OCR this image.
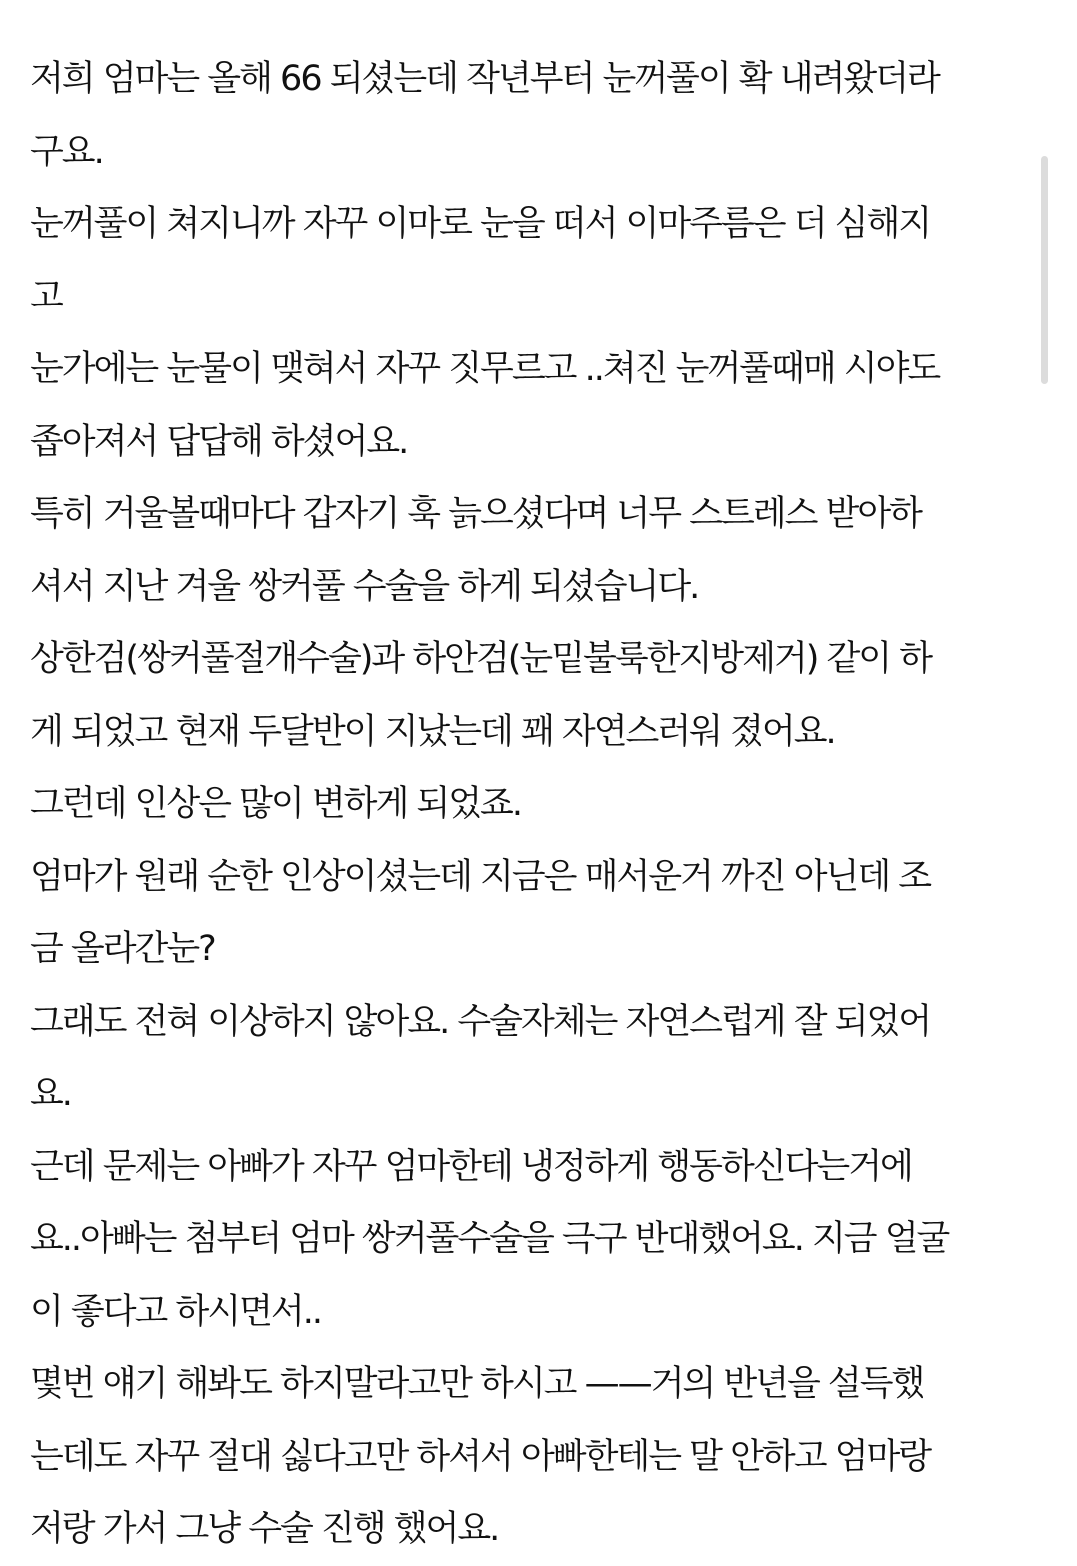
저희 엄마는 올해 66 되셨는데 작년부터 눈꺼풀이 확 내려왔더라
구요.
눈꺼풀이 쳐지니까 자꾸 이마로 눈을 떠서 이마주름은 더 심해지
고
눈가에는 눈물이 맺혀서 자꾸 짓무르고 ..쳐진 눈꺼풀때매 시야도
좁아져서 답답해 하셨어요.
특히 거울볼때마다 갑자기 훅 늙으셨다며 너무 스트레스 받아하
셔서 지난 겨울 쌍커풀 수술을 하게 되셨습니다.
상한검(쌍커풀절개수술)과 하안검(눈밑불룩한지방제거) 같이 하
게 되었고 현재 두달반이 지났는데 꽤 자연스러워 졌어요.
그런데 인상은 많이 변하게 되었죠.
엄마가 원래 순한 인상이셨는데 지금은 매서운거 까진 아닌데 조
금 올라간눈?
그래도 전혀 이상하지 않아요. 수술자체는 자연스럽게 잘 되었어
요.
근데 문제는 아빠가 자꾸 엄마한테 냉정하게 행동하신다는거에
요..아빠는 첨부터 엄마 쌍커풀수술을 극구 반대했어요. 지금 얼굴
이 좋다고 하시면서..
몇번 얘기 해봐도 하지말라고만 하시고 ——거의 반년을 설득했
는데도 자꾸 절대 싫다고만 하셔서 아빠한테는 말 안하고 엄마랑
저랑 가서 그냥 수술 진행 했어요.
